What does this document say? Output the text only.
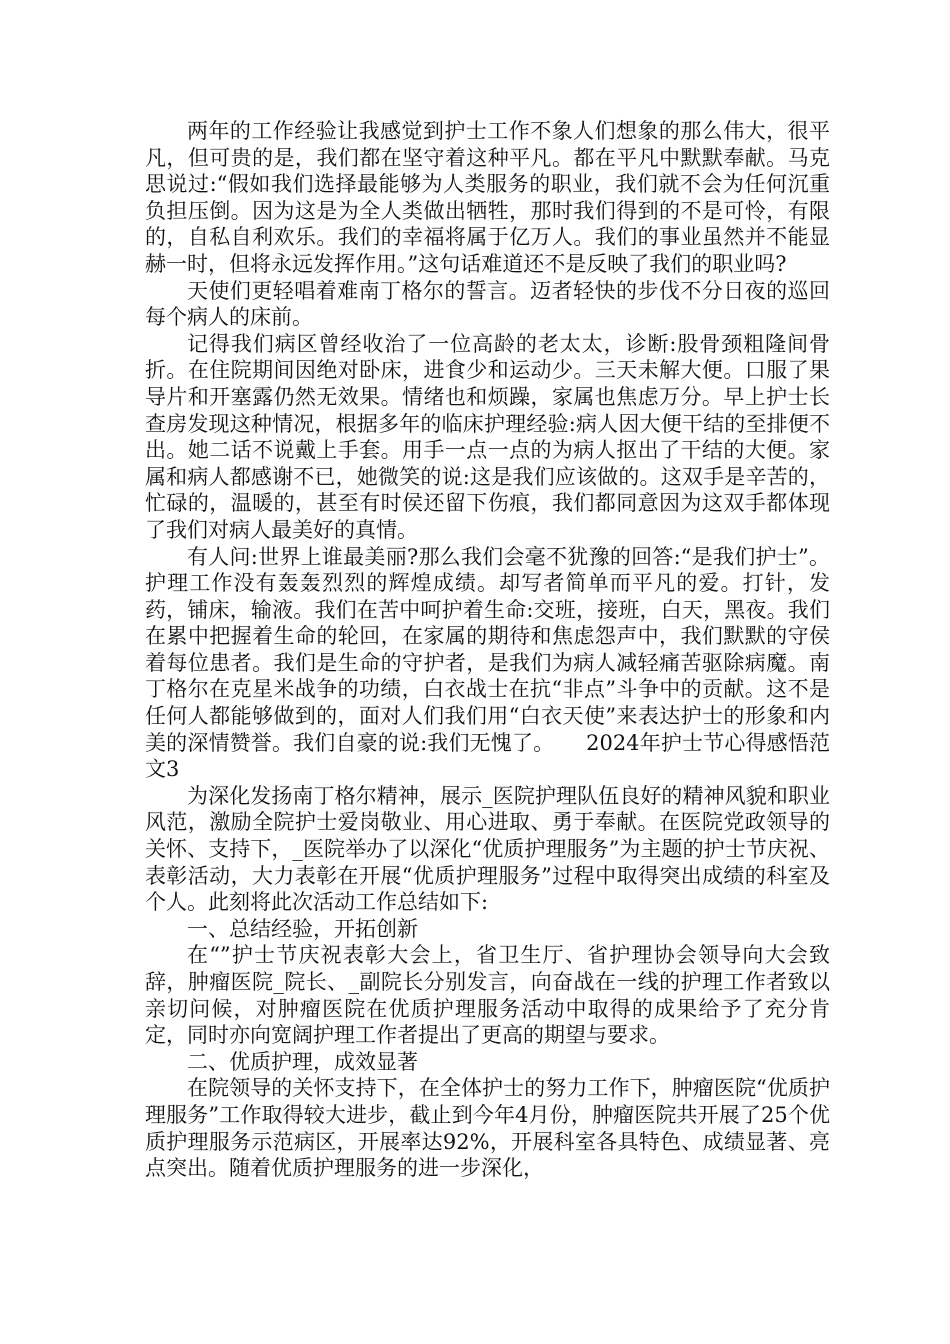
两年的工作经验让我感觉到护士工作不象人们想象的那么伟大，很平凡，但可贵的是，我们都在坚守着这种平凡。都在平凡中默默奉献。马克思说过:“假如我们选择最能够为人类服务的职业，我们就不会为任何沉重负担压倒。因为这是为全人类做出牺牲，那时我们得到的不是可怜，有限的，自私自利欢乐。我们的幸福将属于亿万人。我们的事业虽然并不能显赫一时，但将永远发挥作用。”这句话难道还不是反映了我们的职业吗?

天使们更轻唱着难南丁格尔的誓言。迈者轻快的步伐不分日夜的巡回每个病人的床前。

记得我们病区曾经收治了一位高龄的老太太，诊断:股骨颈粗隆间骨折。在住院期间因绝对卧床，进食少和运动少。三天未解大便。口服了果导片和开塞露仍然无效果。情绪也和烦躁，家属也焦虑万分。早上护士长查房发现这种情况，根据多年的临床护理经验:病人因大便干结的至排便不出。她二话不说戴上手套。用手一点一点的为病人抠出了干结的大便。家属和病人都感谢不已，她微笑的说:这是我们应该做的。这双手是辛苦的，忙碌的，温暖的，甚至有时侯还留下伤痕，我们都同意因为这双手都体现了我们对病人最美好的真情。

有人问:世界上谁最美丽?那么我们会毫不犹豫的回答:“是我们护士”。护理工作没有轰轰烈烈的辉煌成绩。却写者简单而平凡的爱。打针，发药，铺床，输液。我们在苦中呵护着生命:交班，接班，白天，黑夜。我们在累中把握着生命的轮回，在家属的期待和焦虑怨声中，我们默默的守侯着每位患者。我们是生命的守护者，是我们为病人减轻痛苦驱除病魔。南丁格尔在克星米战争的功绩，白衣战士在抗“非点”斗争中的贡献。这不是任何人都能够做到的，面对人们我们用“白衣天使”来表达护士的形象和内美的深情赞誉。我们自豪的说:我们无愧了。　　2024年护士节心得感悟范文3

为深化发扬南丁格尔精神，展示_医院护理队伍良好的精神风貌和职业风范，激励全院护士爱岗敬业、用心进取、勇于奉献。在医院党政领导的关怀、支持下，_医院举办了以深化“优质护理服务”为主题的护士节庆祝、表彰活动，大力表彰在开展“优质护理服务”过程中取得突出成绩的科室及个人。此刻将此次活动工作总结如下:

一、总结经验，开拓创新

在“”护士节庆祝表彰大会上，省卫生厅、省护理协会领导向大会致辞，肿瘤医院_院长、_副院长分别发言，向奋战在一线的护理工作者致以亲切问候，对肿瘤医院在优质护理服务活动中取得的成果给予了充分肯定，同时亦向宽阔护理工作者提出了更高的期望与要求。

二、优质护理，成效显著

在院领导的关怀支持下，在全体护士的努力工作下，肿瘤医院“优质护理服务”工作取得较大进步，截止到今年4月份，肿瘤医院共开展了25个优质护理服务示范病区，开展率达92%，开展科室各具特色、成绩显著、亮点突出。随着优质护理服务的进一步深化，
